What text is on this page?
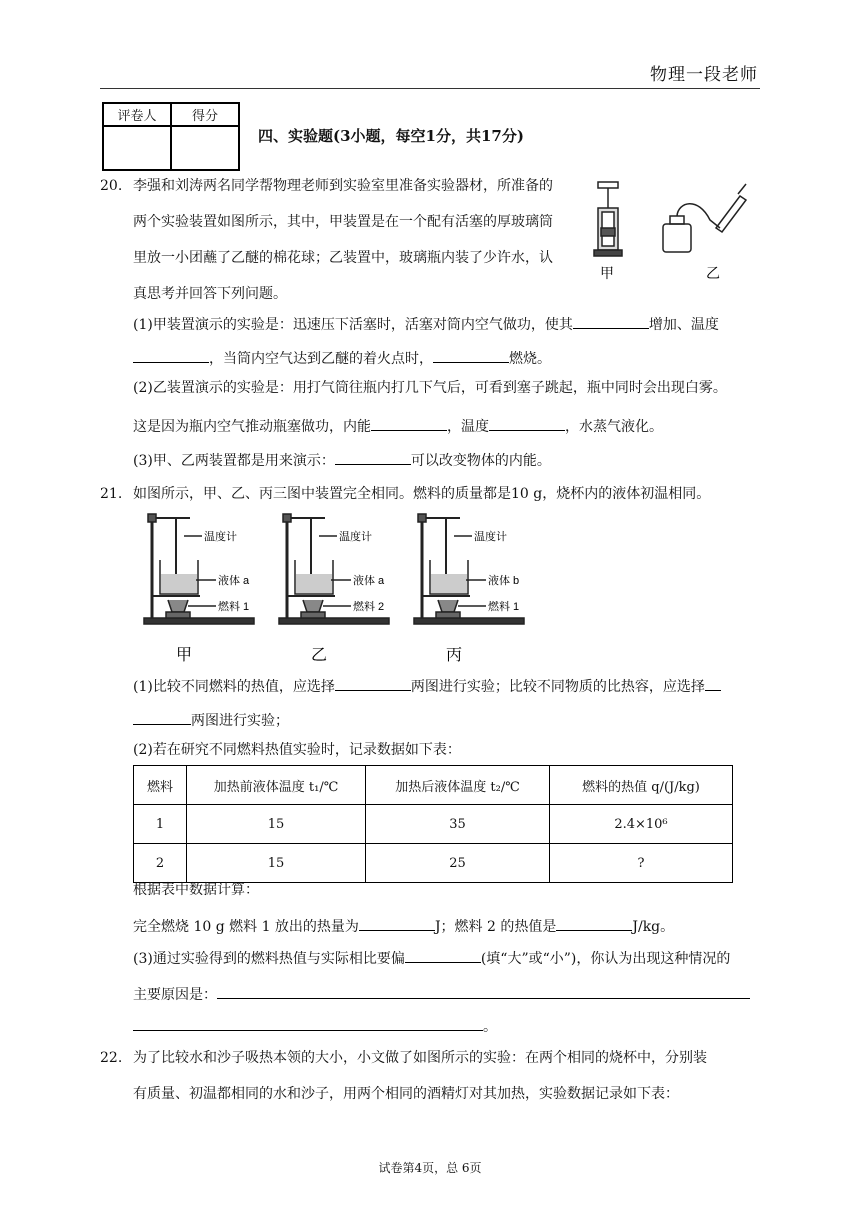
物理一段老师
评卷人	得分

四、实验题(3小题，每空1分，共17分)
20. 李强和刘涛两名同学帮物理老师到实验室里准备实验器材，所准备的
两个实验装置如图所示，其中，甲装置是在一个配有活塞的厚玻璃筒
里放一小团蘸了乙醚的棉花球；乙装置中，玻璃瓶内装了少许水，认
真思考并回答下列问题。
甲	乙
(1)甲装置演示的实验是：迅速压下活塞时，活塞对筒内空气做功，使其	增加、温度
，当筒内空气达到乙醚的着火点时，	燃烧。
(2)乙装置演示的实验是：用打气筒往瓶内打几下气后，可看到塞子跳起，瓶中同时会出现白雾。
这是因为瓶内空气推动瓶塞做功，内能	，温度	，水蒸气液化。
(3)甲、乙两装置都是用来演示：	可以改变物体的内能。
21. 如图所示，甲、乙、丙三图中装置完全相同。燃料的质量都是10 g，烧杯内的液体初温相同。
温度计
液体 a
燃料 1
甲
温度计
液体 a
燃料 2
乙
温度计
液体 b
燃料 1
丙
(1)比较不同燃料的热值，应选择	两图进行实验；比较不同物质的比热容，应选择
两图进行实验；
(2)若在研究不同燃料热值实验时，记录数据如下表：
燃料	加热前液体温度 t₁/℃	加热后液体温度 t₂/℃	燃料的热值 q/(J/kg)
1	15	35	2.4×10⁶
2	15	25	?
根据表中数据计算：
完全燃烧 10 g 燃料 1 放出的热量为	J；燃料 2 的热值是	J/kg。
(3)通过实验得到的燃料热值与实际相比要偏	(填“大”或“小”)，你认为出现这种情况的
主要原因是：
。
22. 为了比较水和沙子吸热本领的大小，小文做了如图所示的实验：在两个相同的烧杯中，分别装
有质量、初温都相同的水和沙子，用两个相同的酒精灯对其加热，实验数据记录如下表：
试卷第4页，总 6页
